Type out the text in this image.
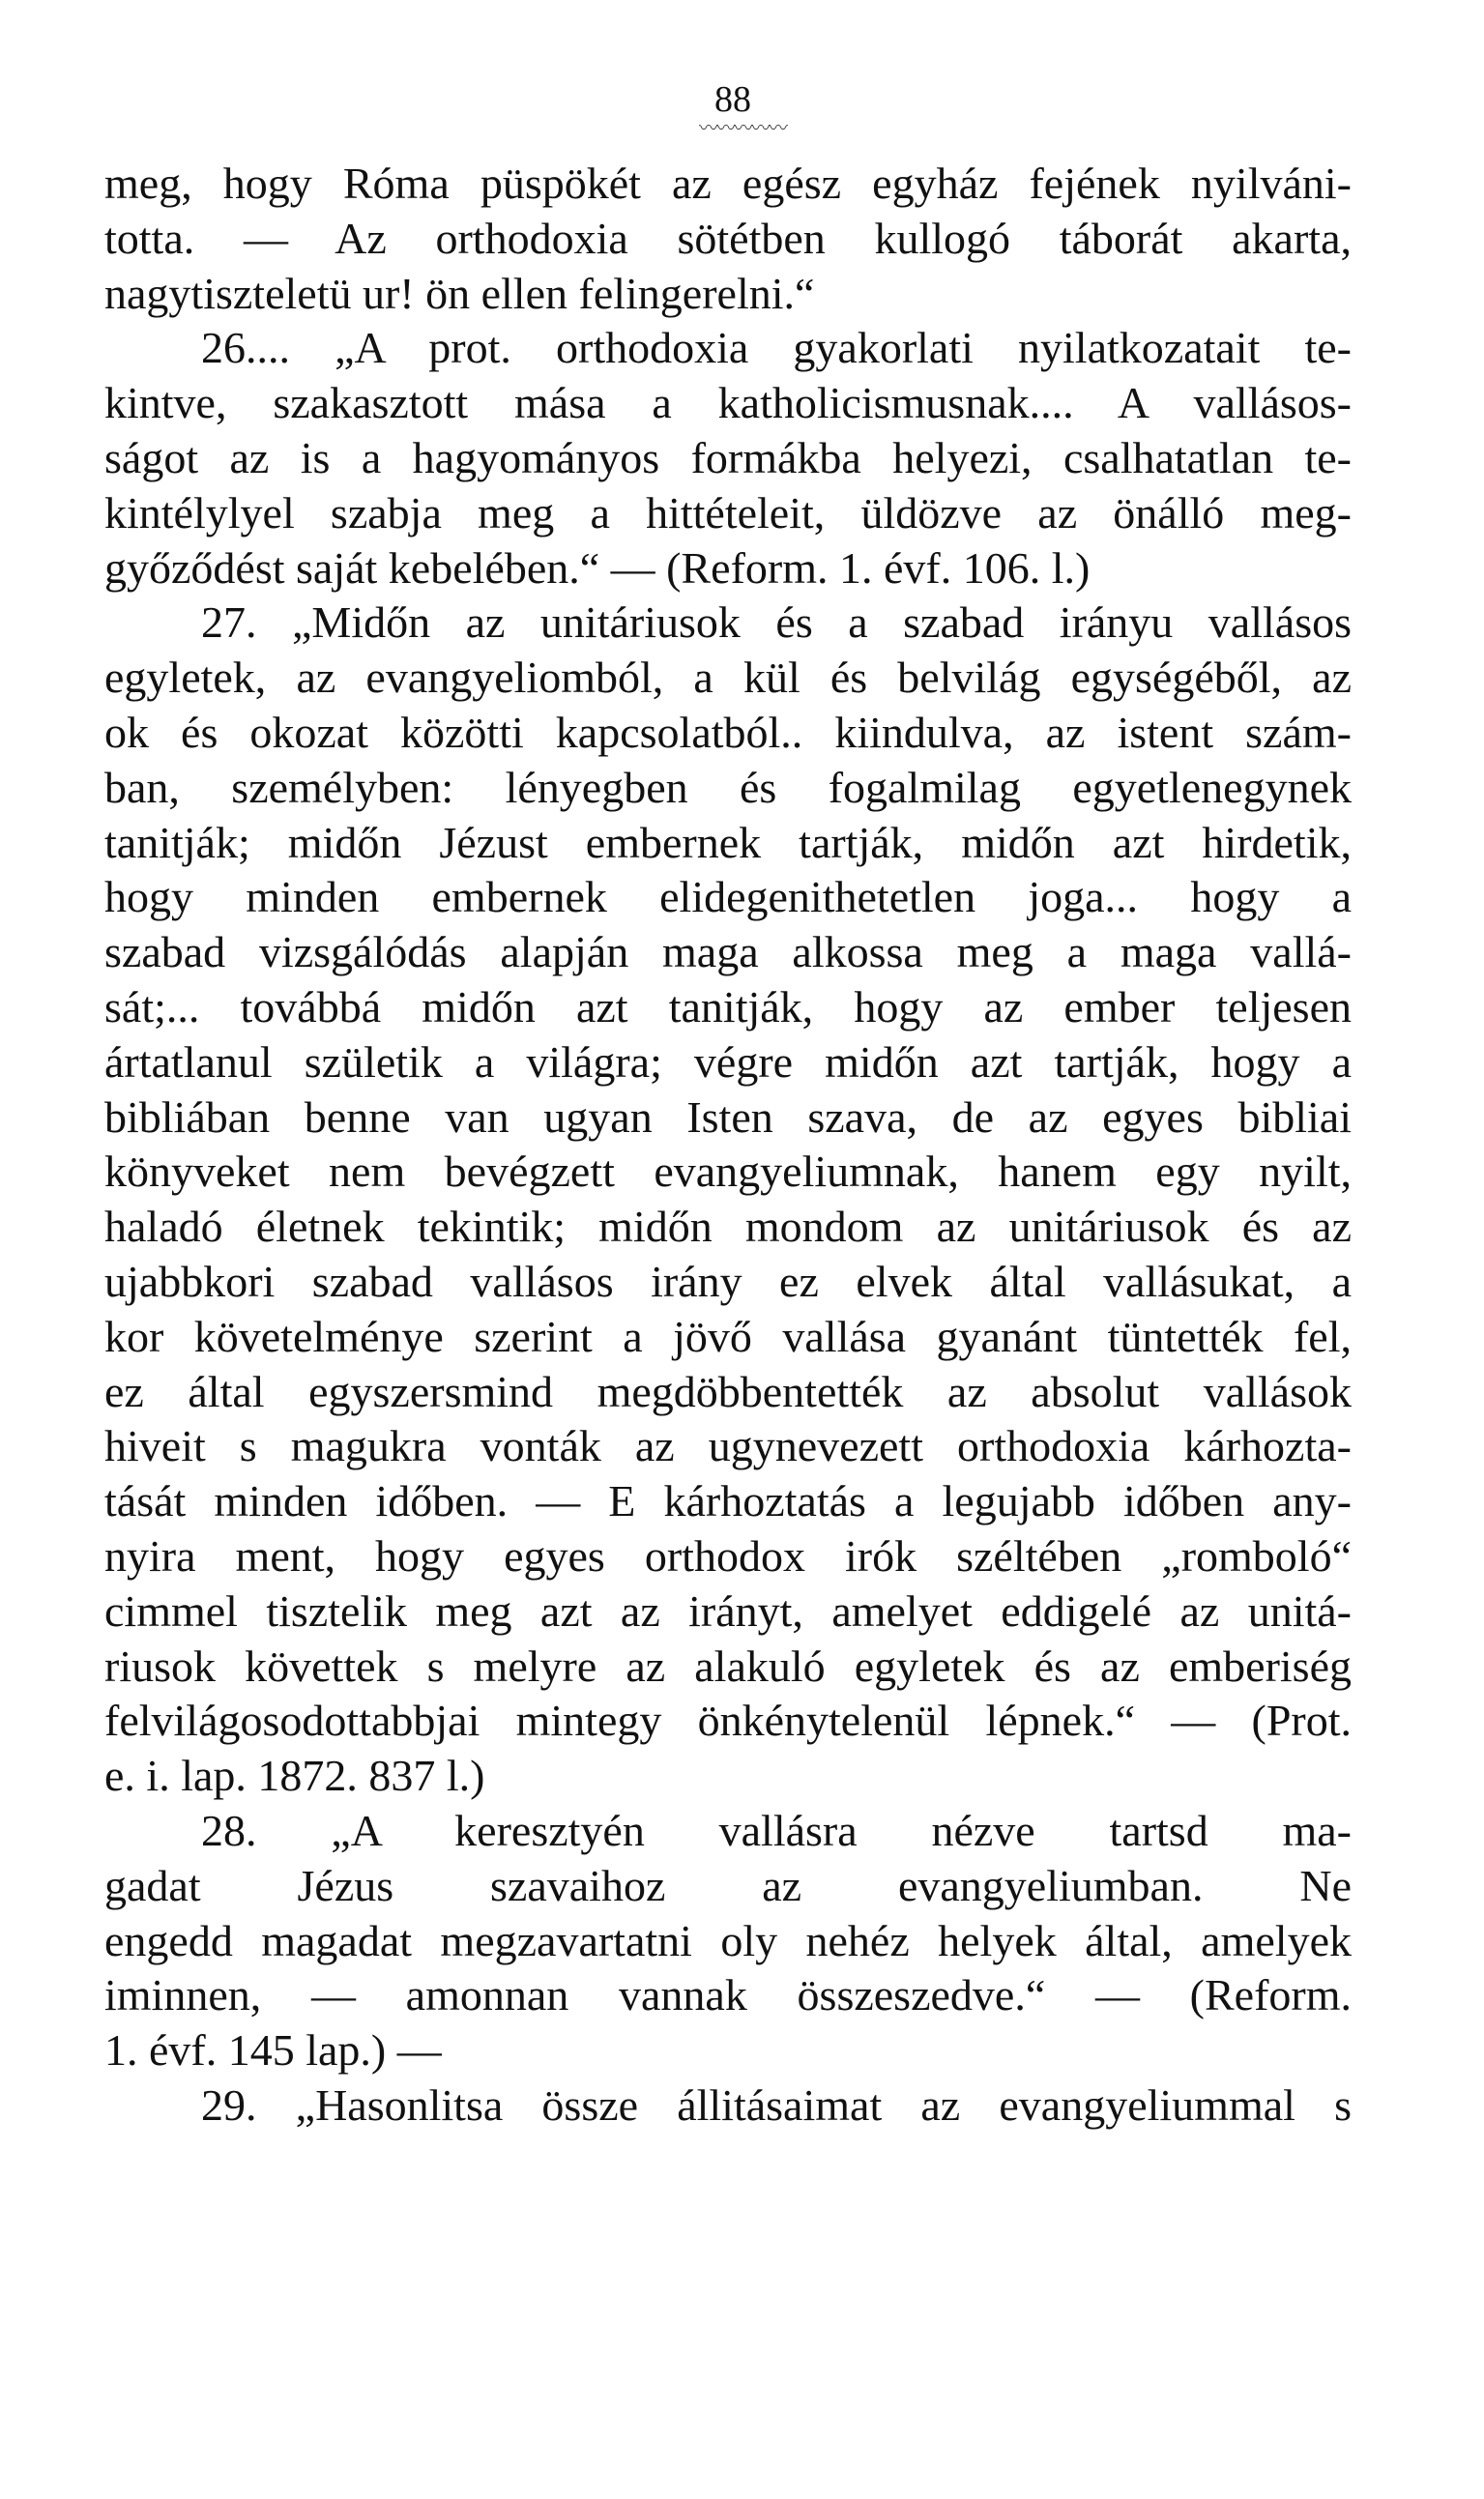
88
〰〰〰〰〰
meg, hogy Róma püspökét az egész egyház fejének nyilváni-
totta. — Az orthodoxia sötétben kullogó táborát akarta,
nagytiszteletü ur! ön ellen felingerelni.“
26.... „A prot. orthodoxia gyakorlati nyilatkozatait te-
kintve, szakasztott mása a katholicismusnak.... A vallásos-
ságot az is a hagyományos formákba helyezi, csalhatatlan te-
kintélylyel szabja meg a hittételeit, üldözve az önálló meg-
győződést saját kebelében.“ — (Reform. 1. évf. 106. l.)
27. „Midőn az unitáriusok és a szabad irányu vallásos
egyletek, az evangyeliomból, a kül és belvilág egységéből, az
ok és okozat közötti kapcsolatból.. kiindulva, az istent szám-
ban, személyben: lényegben és fogalmilag egyetlenegynek
tanitják; midőn Jézust embernek tartják, midőn azt hirdetik,
hogy minden embernek elidegenithetetlen joga... hogy a
szabad vizsgálódás alapján maga alkossa meg a maga vallá-
sát;... továbbá midőn azt tanitják, hogy az ember teljesen
ártatlanul születik a világra; végre midőn azt tartják, hogy a
bibliában benne van ugyan Isten szava, de az egyes bibliai
könyveket nem bevégzett evangyeliumnak, hanem egy nyilt,
haladó életnek tekintik; midőn mondom az unitáriusok és az
ujabbkori szabad vallásos irány ez elvek által vallásukat, a
kor követelménye szerint a jövő vallása gyanánt tüntették fel,
ez által egyszersmind megdöbbentették az absolut vallások
hiveit s magukra vonták az ugynevezett orthodoxia kárhozta-
tását minden időben. — E kárhoztatás a legujabb időben any-
nyira ment, hogy egyes orthodox irók széltében „romboló“
cimmel tisztelik meg azt az irányt, amelyet eddigelé az unitá-
riusok követtek s melyre az alakuló egyletek és az emberiség
felvilágosodottabbjai mintegy önkénytelenül lépnek.“ — (Prot.
e. i. lap. 1872. 837 l.)
28. „A keresztyén vallásra nézve tartsd ma-
gadat Jézus szavaihoz az evangyeliumban. Ne
engedd magadat megzavartatni oly nehéz helyek által, amelyek
iminnen, — amonnan vannak összeszedve.“ — (Reform.
1. évf. 145 lap.) —
29. „Hasonlitsa össze állitásaimat az evangyeliummal s
